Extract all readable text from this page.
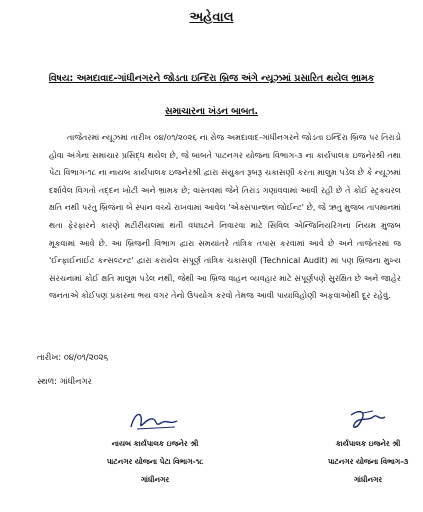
અહેવાલ
વિષય: અમદાવાદ-ગાંધીનગરને જોડતા ઇન્દિરા બ્રિજ અંગે ન્યૂઝમાં પ્રસારિત થયેલ ભ્રામક
સમાચારના ખંડન બાબત.
તાજેતરમાં ન્યૂઝમાં તારીખ ૦૪/૦૧/૨૦૨૬ ના રોજ અમદાવાદ-ગાંધીનગરને જોડતા ઇન્દિરા બ્રિજ પર તિરાડો હોવા અંગેના સમાચાર પ્રસિદ્ધ થયેલ છે, જે બાબતે પાટનગર યોજના વિભાગ-૩ ના કાર્યપાલક ઇજનેરશ્રી તથા પેટા વિભાગ-૧૮ ના નાયબ કાર્યપાલક ઇજનેરશ્રી દ્વારા સંયુક્ત રૂબરૂ ચકાસણી કરતા માલુમ પડેલ છે કે ન્યૂઝમાં દર્શાવેલ વિગતો તદ્દન ખોટી અને ભ્રામક છે; વાસ્તવમાં જેને તિરાડ ગણાવવામાં આવી રહી છે તે કોઈ સ્ટ્રક્ચરલ ક્ષતિ નથી પરંતુ બ્રિજના બે સ્પાન વચ્ચે રાખવામાં આવેલ 'એક્સપાન્શન જોઈન્ટ' છે, જે ઋતુ મુજબ તાપમાનમાં થતા ફેરફારને કારણે મટીરીયલમાં થતી વધઘટને નિવારવા માટે સિવિલ એન્જિનિયરિંગના નિયમ મુજબ મૂકવામાં આવે છે. આ બ્રિજની વિભાગ દ્વારા સમયાંતરે તાંત્રિક તપાસ કરવામાં આવે છે અને તાજેતરમાં જ 'ઈન્ફાઈનાઈટ કન્સલ્ટન્ટ' દ્વારા કરાયેલ સંપૂર્ણ તાંત્રિક ચકાસણી (Technical Audit) માં પણ બ્રિજના મુખ્ય સંરચનામાં કોઈ ક્ષતિ માલુમ પડેલ નથી, જેથી આ બ્રિજ વાહન વ્યવહાર માટે સંપૂર્ણપણે સુરક્ષિત છે અને જાહેર જનતાએ કોઈપણ પ્રકારના ભય વગર તેનો ઉપયોગ કરવો તેમજ આવી પાયાવિહોણી અફવાઓથી દૂર રહેવું.
તારીખ: ૦૪/૦૧/૨૦૨૬
સ્થળ: ગાંધીનગર
નાયબ કાર્યપાલક ઇજનેર શ્રી
પાટનગર યોજના પેટા વિભાગ-૧૮
ગાંધીનગર
કાર્યપાલક ઇજનેર શ્રી
પાટનગર યોજના વિભાગ-૩
ગાંધીનગર
